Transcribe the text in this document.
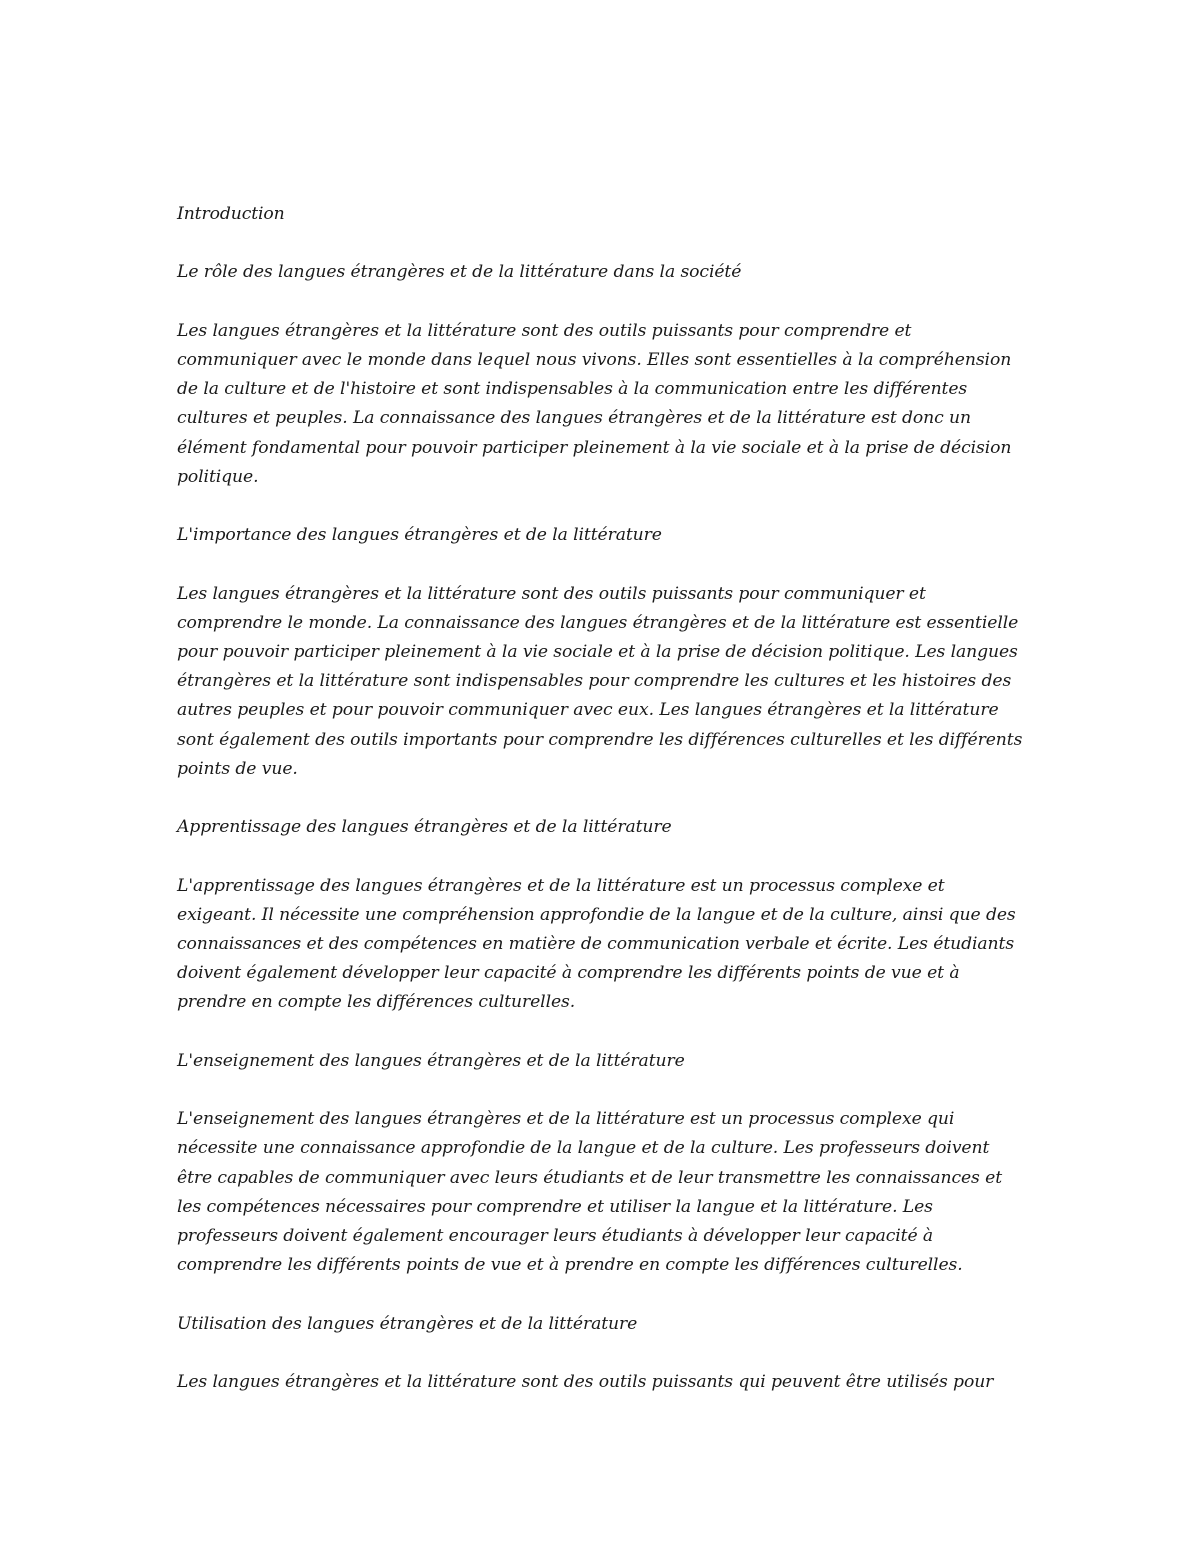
Introduction

Le rôle des langues étrangères et de la littérature dans la société

Les langues étrangères et la littérature sont des outils puissants pour comprendre et communiquer avec le monde dans lequel nous vivons. Elles sont essentielles à la compréhension de la culture et de l'histoire et sont indispensables à la communication entre les différentes cultures et peuples. La connaissance des langues étrangères et de la littérature est donc un élément fondamental pour pouvoir participer pleinement à la vie sociale et à la prise de décision politique.

L'importance des langues étrangères et de la littérature

Les langues étrangères et la littérature sont des outils puissants pour communiquer et comprendre le monde. La connaissance des langues étrangères et de la littérature est essentielle pour pouvoir participer pleinement à la vie sociale et à la prise de décision politique. Les langues étrangères et la littérature sont indispensables pour comprendre les cultures et les histoires des autres peuples et pour pouvoir communiquer avec eux. Les langues étrangères et la littérature sont également des outils importants pour comprendre les différences culturelles et les différents points de vue.

Apprentissage des langues étrangères et de la littérature

L'apprentissage des langues étrangères et de la littérature est un processus complexe et exigeant. Il nécessite une compréhension approfondie de la langue et de la culture, ainsi que des connaissances et des compétences en matière de communication verbale et écrite. Les étudiants doivent également développer leur capacité à comprendre les différents points de vue et à prendre en compte les différences culturelles.

L'enseignement des langues étrangères et de la littérature

L'enseignement des langues étrangères et de la littérature est un processus complexe qui nécessite une connaissance approfondie de la langue et de la culture. Les professeurs doivent être capables de communiquer avec leurs étudiants et de leur transmettre les connaissances et les compétences nécessaires pour comprendre et utiliser la langue et la littérature. Les professeurs doivent également encourager leurs étudiants à développer leur capacité à comprendre les différents points de vue et à prendre en compte les différences culturelles.

Utilisation des langues étrangères et de la littérature

Les langues étrangères et la littérature sont des outils puissants qui peuvent être utilisés pour
